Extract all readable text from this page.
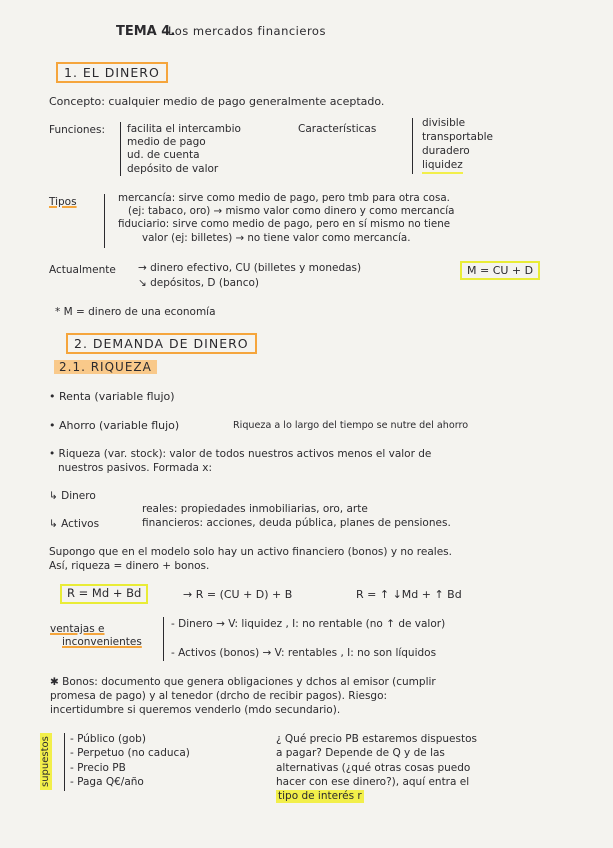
TEMA 4.
Los mercados financieros
1. EL DINERO
Concepto: cualquier medio de pago generalmente aceptado.
Funciones: facilita el intercambio
medio de pago
ud. de cuenta
depósito de valor
Características	divisible
transportable
duradero
liquidez
Tipos	mercancía: sirve como medio de pago, pero tmb para otra cosa.
(ej: tabaco, oro) → mismo valor como dinero y como mercancía
fiduciario: sirve como medio de pago, pero en sí mismo no tiene
valor (ej: billetes) → no tiene valor como mercancía.
Actualmente → dinero efectivo, CU (billetes y monedas)
↘ depósitos, D (banco)
M = CU + D
* M = dinero de una economía
2. DEMANDA DE DINERO
2.1. RIQUEZA
• Renta (variable flujo)
• Ahorro (variable flujo)	Riqueza a lo largo del tiempo se nutre del ahorro
• Riqueza (var. stock): valor de todos nuestros activos menos el valor de
nuestros pasivos. Formada x:
↳ Dinero
↳ Activos
reales: propiedades inmobiliarias, oro, arte
financieros: acciones, deuda pública, planes de pensiones.
Supongo que en el modelo solo hay un activo financiero (bonos) y no reales.
Así, riqueza = dinero + bonos.
R = Md + Bd	→ R = (CU + D) + B	R = ↑ ↓Md + ↑ Bd
ventajas e
inconvenientes
- Dinero → V: liquidez , I: no rentable (no ↑ de valor)
- Activos (bonos) → V: rentables , I: no son líquidos
✱ Bonos: documento que genera obligaciones y dchos al emisor (cumplir
promesa de pago) y al tenedor (drcho de recibir pagos). Riesgo:
incertidumbre si queremos venderlo (mdo secundario).
supuestos - Público (gob)
- Perpetuo (no caduca)
- Precio PB
- Paga Q€/año
¿ Qué precio PB estaremos dispuestos
a pagar? Depende de Q y de las
alternativas (¿qué otras cosas puedo
hacer con ese dinero?), aquí entra el
tipo de interés r
